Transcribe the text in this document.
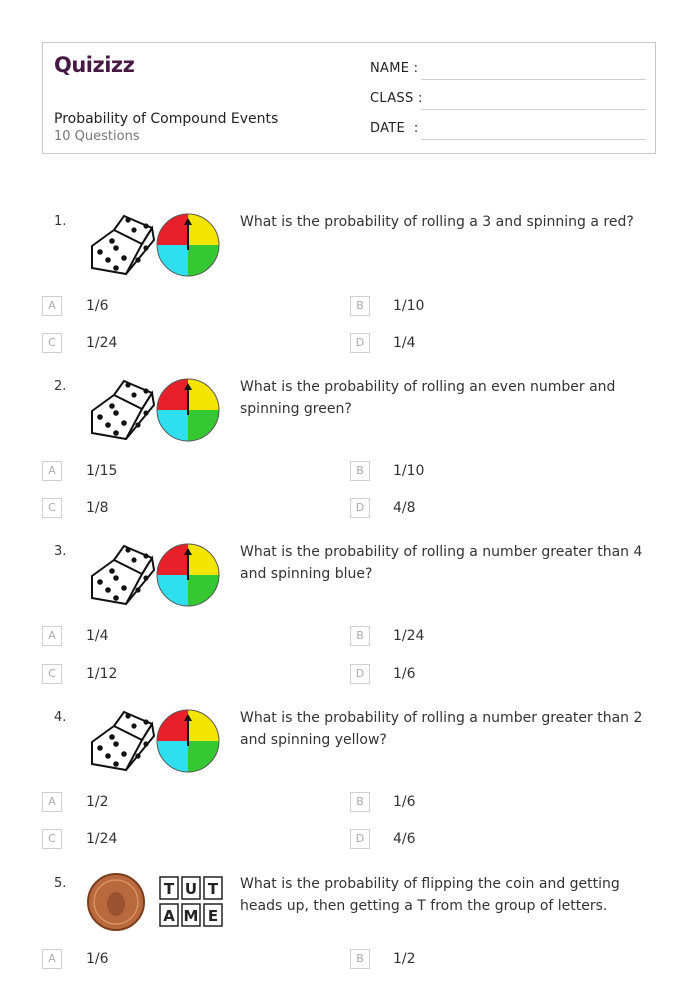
Quizizz
Probability of Compound Events
10 Questions
NAME :
CLASS :
DATE  :
1.	What is the probability of rolling a 3 and spinning a red?
A	1/6	B	1/10
C	1/24	D	1/4
2.	What is the probability of rolling an even number and spinning green?
A	1/15	B	1/10
C	1/8	D	4/8
3.	What is the probability of rolling a number greater than 4 and spinning blue?
A	1/4	B	1/24
C	1/12	D	1/6
4.	What is the probability of rolling a number greater than 2 and spinning yellow?
A	1/2	B	1/6
C	1/24	D	4/6
5.	T U T
A M E
What is the probability of flipping the coin and getting heads up, then getting a T from the group of letters.
A	1/6	B	1/2
